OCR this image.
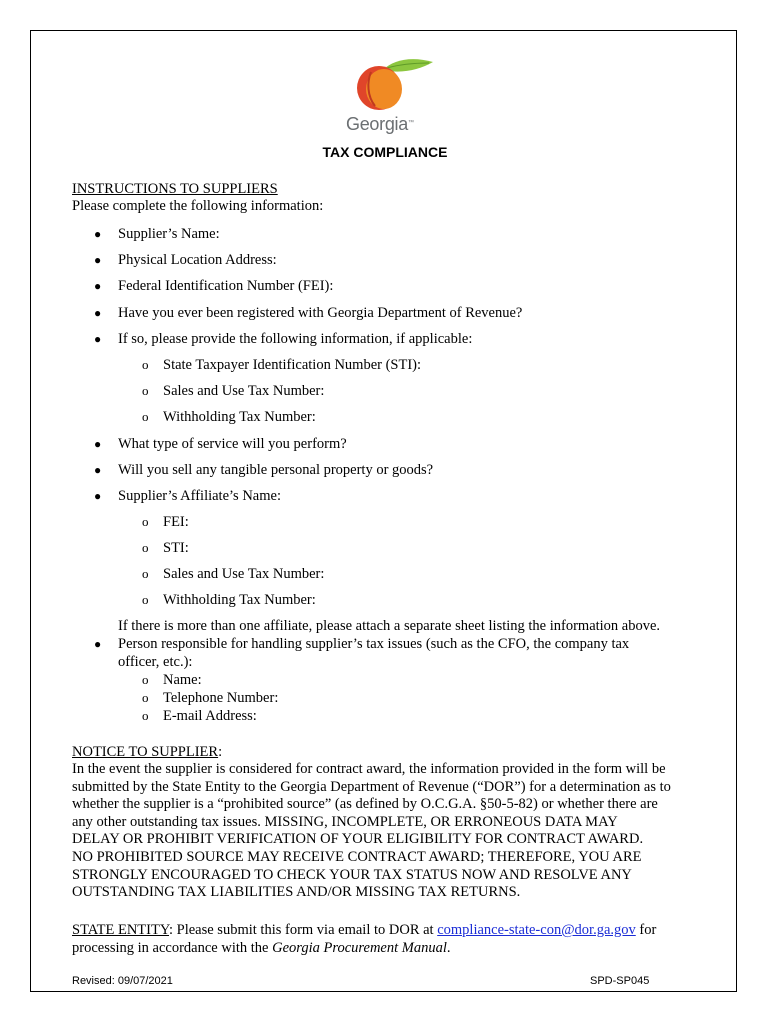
Georgia™
TAX COMPLIANCE
INSTRUCTIONS TO SUPPLIERS
Please complete the following information:
● Supplier’s Name:
● Physical Location Address:
● Federal Identification Number (FEI):
● Have you ever been registered with Georgia Department of Revenue?
● If so, please provide the following information, if applicable:
o State Taxpayer Identification Number (STI):
o Sales and Use Tax Number:
o Withholding Tax Number:
● What type of service will you perform?
● Will you sell any tangible personal property or goods?
● Supplier’s Affiliate’s Name:
o FEI:
o STI:
o Sales and Use Tax Number:
o Withholding Tax Number:
If there is more than one affiliate, please attach a separate sheet listing the information above.
● Person responsible for handling supplier’s tax issues (such as the CFO, the company tax
officer, etc.):
o Name:
o Telephone Number:
o E-mail Address:
NOTICE TO SUPPLIER:

In the event the supplier is considered for contract award, the information provided in the form will be

submitted by the State Entity to the Georgia Department of Revenue (“DOR”) for a determination as to

whether the supplier is a “prohibited source” (as defined by O.C.G.A. §50-5-82) or whether there are

any other outstanding tax issues. MISSING, INCOMPLETE, OR ERRONEOUS DATA MAY

DELAY OR PROHIBIT VERIFICATION OF YOUR ELIGIBILITY FOR CONTRACT AWARD.

NO PROHIBITED SOURCE MAY RECEIVE CONTRACT AWARD; THEREFORE, YOU ARE

STRONGLY ENCOURAGED TO CHECK YOUR TAX STATUS NOW AND RESOLVE ANY

OUTSTANDING TAX LIABILITIES AND/OR MISSING TAX RETURNS.

STATE ENTITY: Please submit this form via email to DOR at compliance-state-con@dor.ga.gov for

processing in accordance with the Georgia Procurement Manual.

Revised: 09/07/2021	SPD-SP045
